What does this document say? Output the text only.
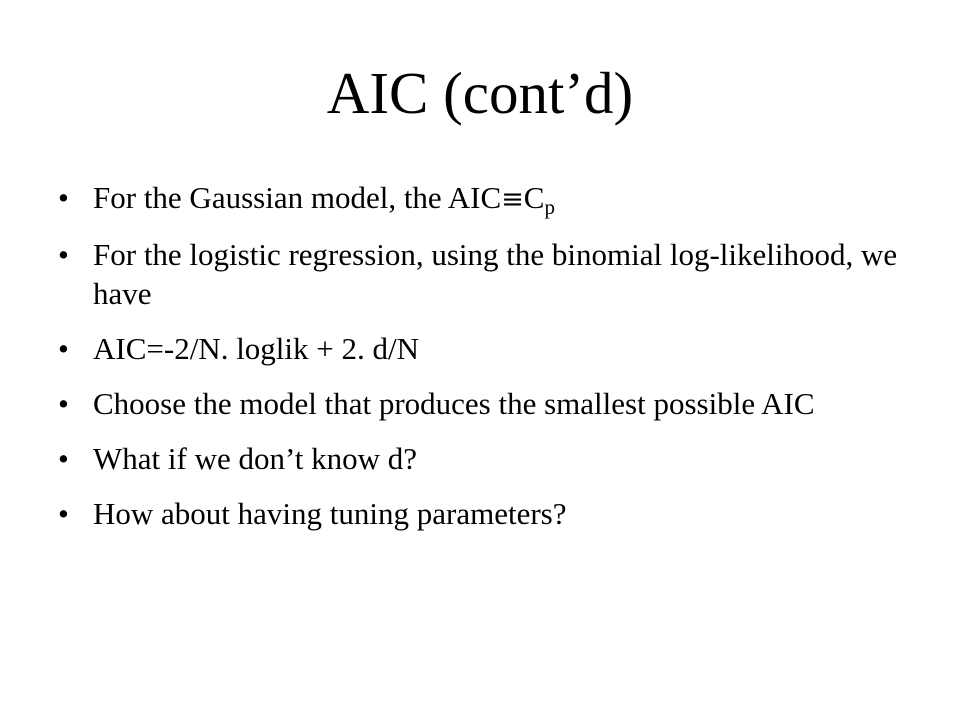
AIC (cont’d)
• For the Gaussian model, the $AIC\equiv C_p$
• For the logistic regression, using the binomial log-likelihood, we have
• AIC=-2/N. loglik + 2. d/N
• Choose the model that produces the smallest possible AIC
• What if we don’t know d?
• How about having tuning parameters?
